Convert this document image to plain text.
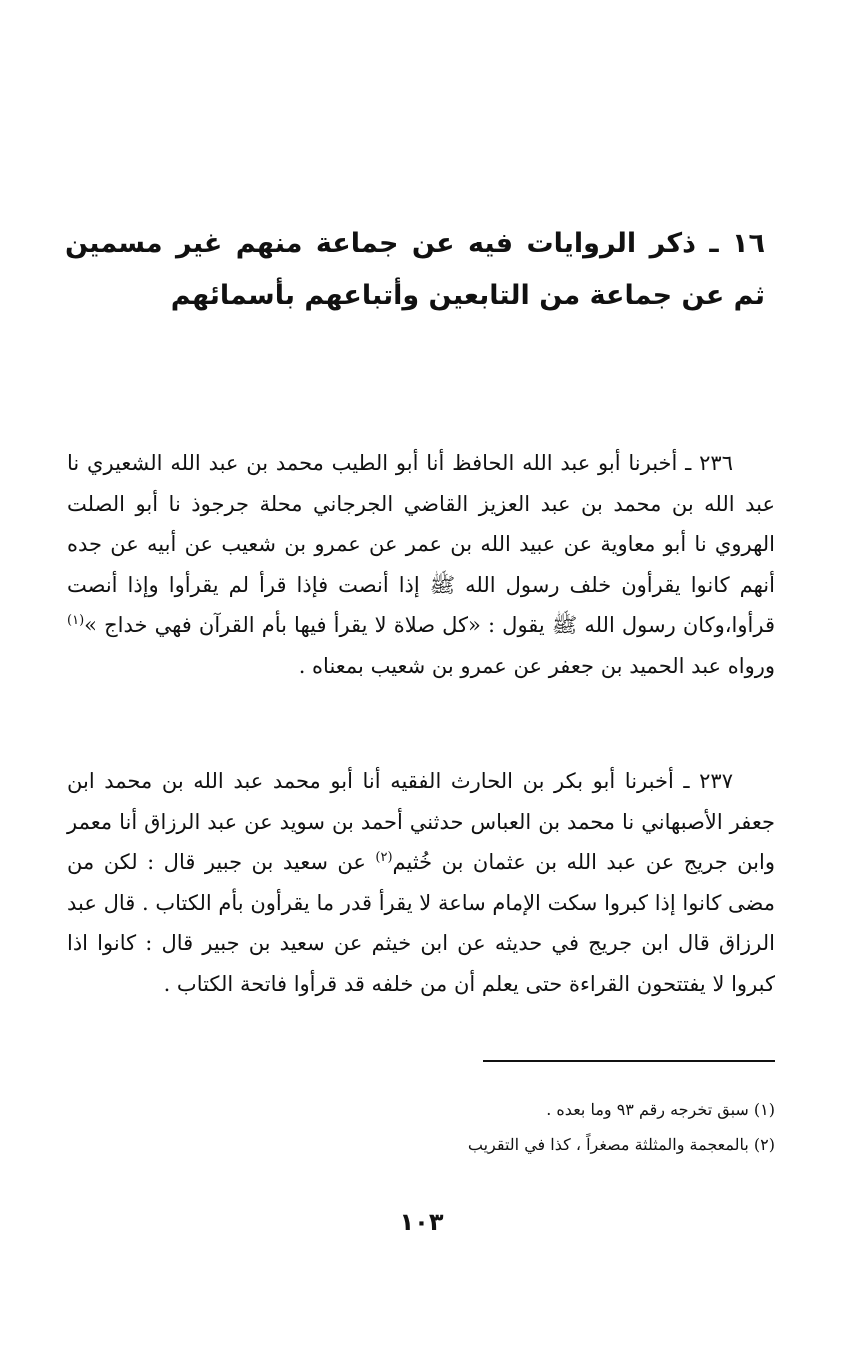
١٦ ـ ذكر الروايات فيه عن جماعة منهم غير مسمين ثم عن جماعة من التابعين وأتباعهم بأسمائهم

٢٣٦ ـ أخبرنا أبو عبد الله الحافظ أنا أبو الطيب محمد بن عبد الله الشعيري نا عبد الله بن محمد بن عبد العزيز القاضي الجرجاني محلة جرجوذ نا أبو الصلت الهروي نا أبو معاوية عن عبيد الله بن عمر عن عمرو بن شعيب عن أبيه عن جده أنهم كانوا يقرأون خلف رسول الله ﷺ إذا أنصت فإذا قرأ لم يقرأوا وإذا أنصت قرأوا،وكان رسول الله ﷺ يقول : «كل صلاة لا يقرأ فيها بأم القرآن فهي خداج »$^{(١)}$ ورواه عبد الحميد بن جعفر عن عمرو بن شعيب بمعناه .

٢٣٧ ـ أخبرنا أبو بكر بن الحارث الفقيه أنا أبو محمد عبد الله بن محمد ابن جعفر الأصبهاني نا محمد بن العباس حدثني أحمد بن سويد عن عبد الرزاق أنا معمر وابن جريج عن عبد الله بن عثمان بن خُثيم$^{(٢)}$ عن سعيد بن جبير قال : لكن من مضى كانوا إذا كبروا سكت الإمام ساعة لا يقرأ قدر ما يقرأون بأم الكتاب . قال عبد الرزاق قال ابن جريج في حديثه عن ابن خيثم عن سعيد بن جبير قال : كانوا اذا كبروا لا يفتتحون القراءة حتى يعلم أن من خلفه قد قرأوا فاتحة الكتاب .

(١) سبق تخرجه رقم ٩٣ وما بعده .
(٢) بالمعجمة والمثلثة مصغراً ، كذا في التقريب
١٠٣
